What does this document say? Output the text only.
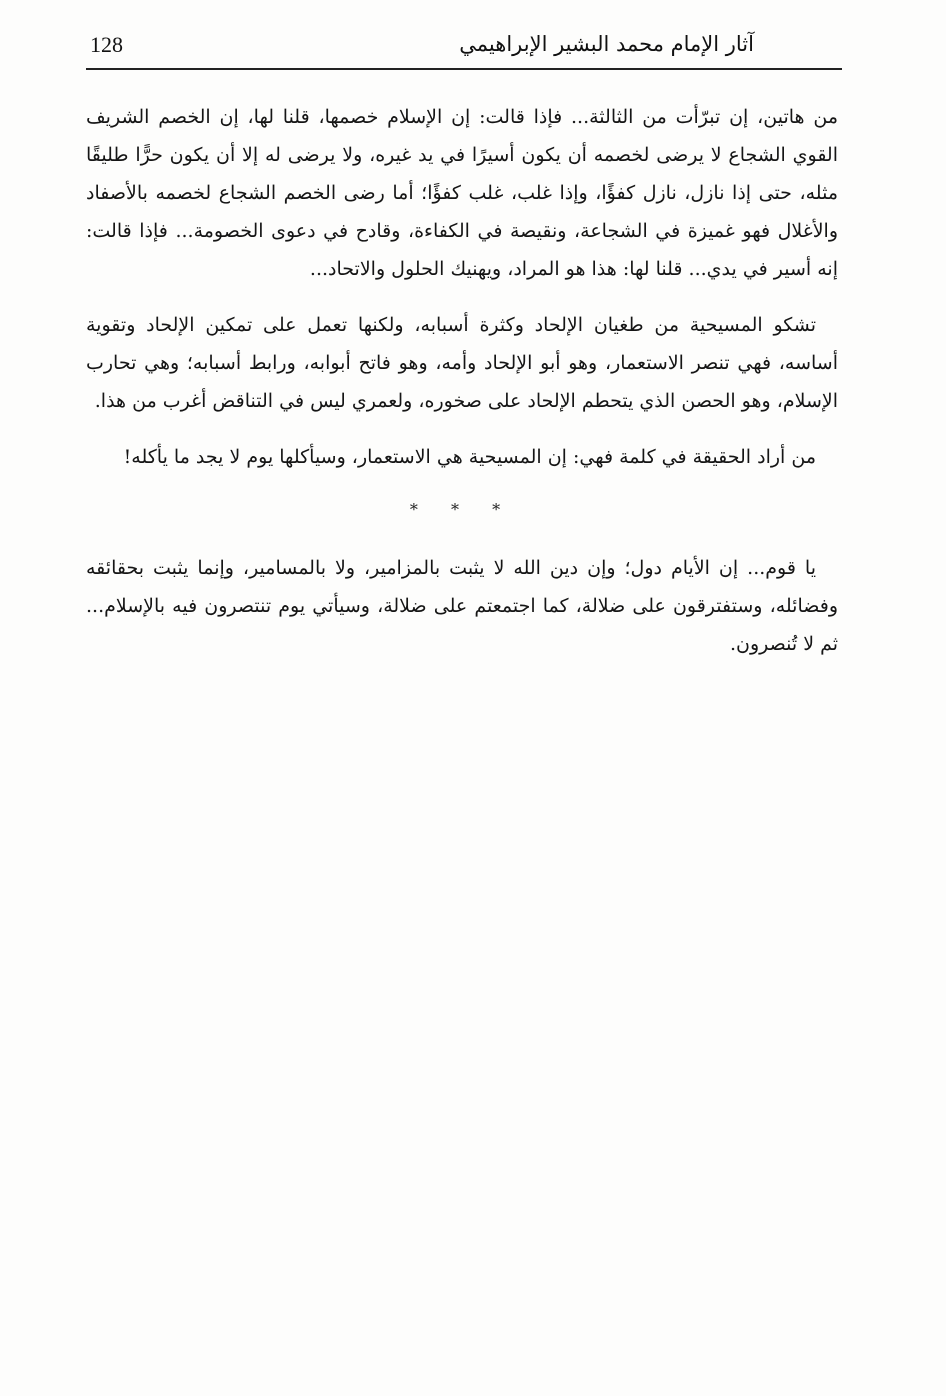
128	آثار الإمام محمد البشير الإبراهيمي

من هاتين، إن تبرّأت من الثالثة... فإذا قالت: إن الإسلام خصمها، قلنا لها، إن الخصم الشريف القوي الشجاع لا يرضى لخصمه أن يكون أسيرًا في يد غيره، ولا يرضى له إلا أن يكون حرًّا طليقًا مثله، حتى إذا نازل، نازل كفؤًا، وإذا غلب، غلب كفؤًا؛ أما رضى الخصم الشجاع لخصمه بالأصفاد والأغلال فهو غميزة في الشجاعة، ونقيصة في الكفاءة، وقادح في دعوى الخصومة... فإذا قالت: إنه أسير في يدي... قلنا لها: هذا هو المراد، ويهنيك الحلول والاتحاد...

تشكو المسيحية من طغيان الإلحاد وكثرة أسبابه، ولكنها تعمل على تمكين الإلحاد وتقوية أساسه، فهي تنصر الاستعمار، وهو أبو الإلحاد وأمه، وهو فاتح أبوابه، ورابط أسبابه؛ وهي تحارب الإسلام، وهو الحصن الذي يتحطم الإلحاد على صخوره، ولعمري ليس في التناقض أغرب من هذا.

من أراد الحقيقة في كلمة فهي: إن المسيحية هي الاستعمار، وسيأكلها يوم لا يجد ما يأكله!

* * *

يا قوم... إن الأيام دول؛ وإن دين الله لا يثبت بالمزامير، ولا بالمسامير، وإنما يثبت بحقائقه وفضائله، وستفترقون على ضلالة، كما اجتمعتم على ضلالة، وسيأتي يوم تنتصرون فيه بالإسلام... ثم لا تُنصرون.
